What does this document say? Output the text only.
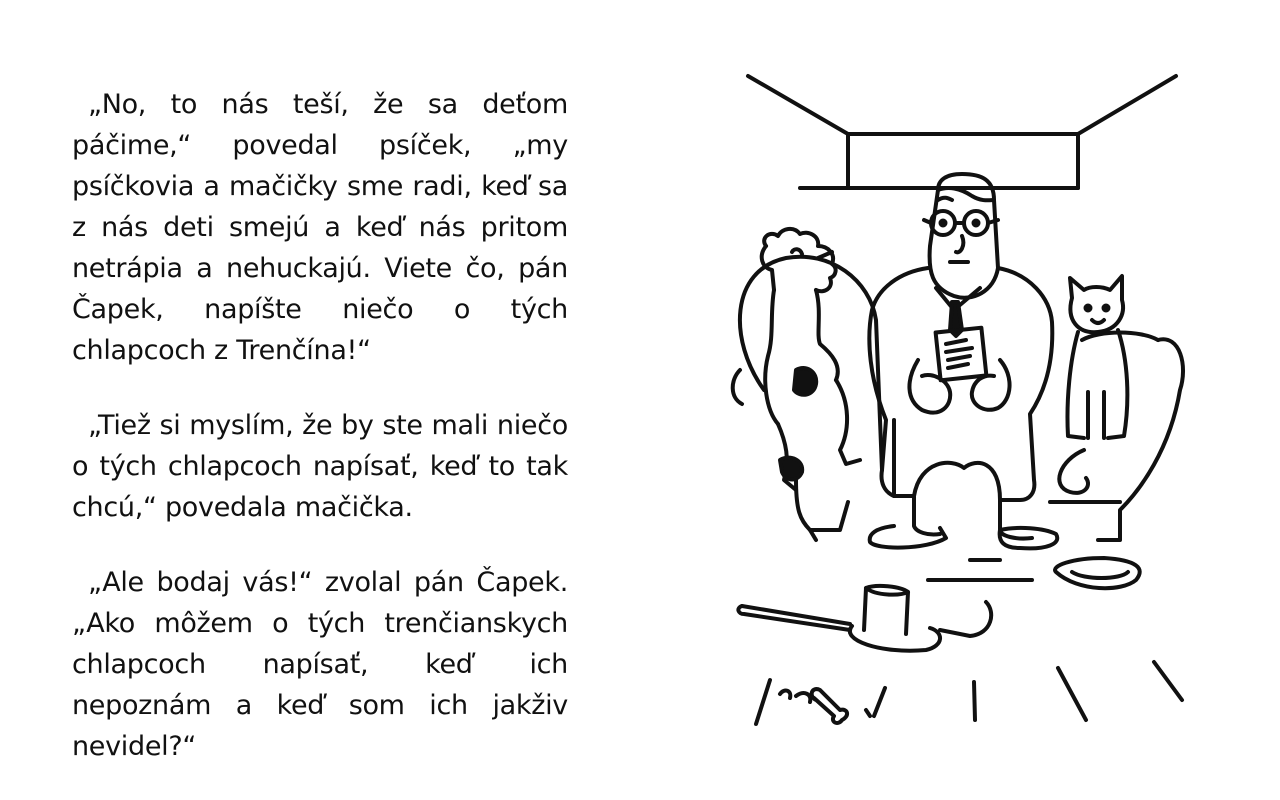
„No, to nás teší, že sa deťom páčime,“ povedal psíček, „my psíčkovia a mačičky sme radi, keď sa z nás deti smejú a keď nás pritom netrápia a nehuckajú. Viete čo, pán Čapek, napíšte niečo o tých chlapcoch z Trenčína!“

„Tiež si myslím, že by ste mali niečo o tých chlapcoch napísať, keď to tak chcú,“ povedala mačička.

„Ale bodaj vás!“ zvolal pán Čapek. „Ako môžem o tých trenčianskych chlapcoch napísať, keď ich nepoznám a keď som ich jakživ nevidel?“
